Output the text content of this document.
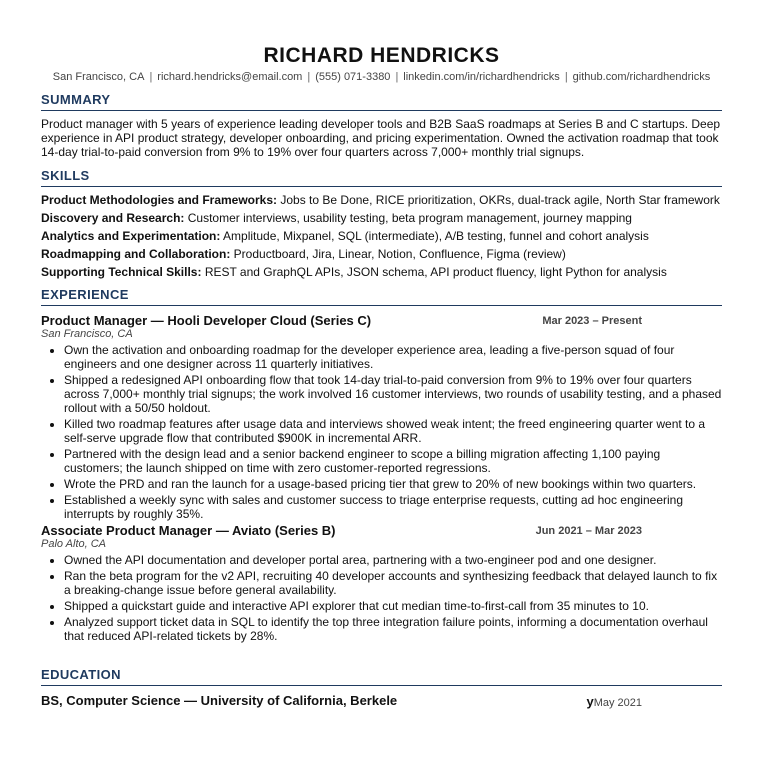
RICHARD HENDRICKS
San Francisco, CA | richard.hendricks@email.com | (555) 071-3380 | linkedin.com/in/richardhendricks | github.com/richardhendricks
SUMMARY
Product manager with 5 years of experience leading developer tools and B2B SaaS roadmaps at Series B and C startups. Deep experience in API product strategy, developer onboarding, and pricing experimentation. Owned the activation roadmap that took 14-day trial-to-paid conversion from 9% to 19% over four quarters across 7,000+ monthly trial signups.
SKILLS
Product Methodologies and Frameworks: Jobs to Be Done, RICE prioritization, OKRs, dual-track agile, North Star framework
Discovery and Research: Customer interviews, usability testing, beta program management, journey mapping
Analytics and Experimentation: Amplitude, Mixpanel, SQL (intermediate), A/B testing, funnel and cohort analysis
Roadmapping and Collaboration: Productboard, Jira, Linear, Notion, Confluence, Figma (review)
Supporting Technical Skills: REST and GraphQL APIs, JSON schema, API product fluency, light Python for analysis
EXPERIENCE
Product Manager — Hooli Developer Cloud (Series C)	Mar 2023 – Present
San Francisco, CA
• Own the activation and onboarding roadmap for the developer experience area, leading a five-person squad of four engineers and one designer across 11 quarterly initiatives.
• Shipped a redesigned API onboarding flow that took 14-day trial-to-paid conversion from 9% to 19% over four quarters across 7,000+ monthly trial signups; the work involved 16 customer interviews, two rounds of usability testing, and a phased rollout with a 50/50 holdout.
• Killed two roadmap features after usage data and interviews showed weak intent; the freed engineering quarter went to a self-serve upgrade flow that contributed $900K in incremental ARR.
• Partnered with the design lead and a senior backend engineer to scope a billing migration affecting 1,100 paying customers; the launch shipped on time with zero customer-reported regressions.
• Wrote the PRD and ran the launch for a usage-based pricing tier that grew to 20% of new bookings within two quarters.
• Established a weekly sync with sales and customer success to triage enterprise requests, cutting ad hoc engineering interrupts by roughly 35%.
Associate Product Manager — Aviato (Series B)	Jun 2021 – Mar 2023
Palo Alto, CA
• Owned the API documentation and developer portal area, partnering with a two-engineer pod and one designer.
• Ran the beta program for the v2 API, recruiting 40 developer accounts and synthesizing feedback that delayed launch to fix a breaking-change issue before general availability.
• Shipped a quickstart guide and interactive API explorer that cut median time-to-first-call from 35 minutes to 10.
• Analyzed support ticket data in SQL to identify the top three integration failure points, informing a documentation overhaul that reduced API-related tickets by 28%.
EDUCATION
BS, Computer Science — University of California, Berkele	yMay 2021
